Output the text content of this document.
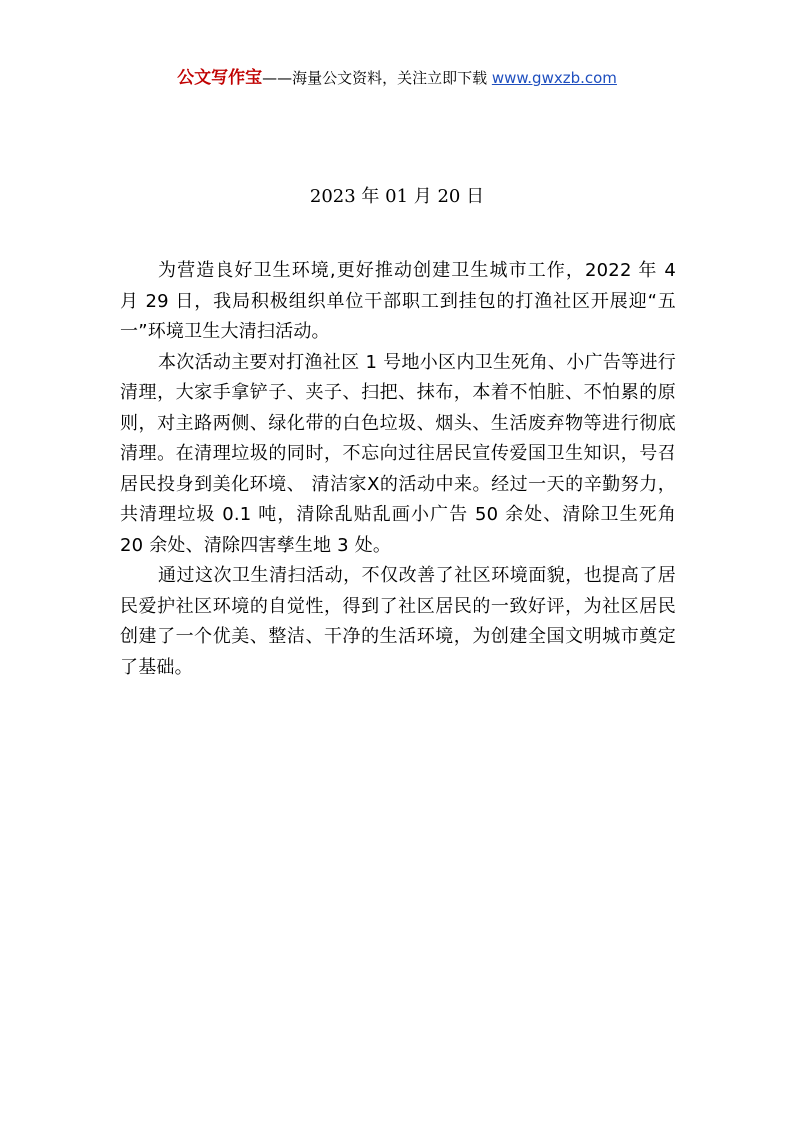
公文写作宝——海量公文资料，关注立即下载 www.gwxzb.com
2023 年 01 月 20 日

为营造良好卫生环境,更好推动创建卫生城市工作，2022 年 4 月 29 日，我局积极组织单位干部职工到挂包的打渔社区开展迎“五一”环境卫生大清扫活动。

本次活动主要对打渔社区 1 号地小区内卫生死角、小广告等进行清理，大家手拿铲子、夹子、扫把、抹布，本着不怕脏、不怕累的原则，对主路两侧、绿化带的白色垃圾、烟头、生活废弃物等进行彻底清理。在清理垃圾的同时，不忘向过往居民宣传爱国卫生知识，号召居民投身到美化环境、 清洁家X的活动中来。经过一天的辛勤努力，共清理垃圾 0.1 吨，清除乱贴乱画小广告 50 余处、清除卫生死角 20 余处、清除四害孳生地 3 处。

通过这次卫生清扫活动，不仅改善了社区环境面貌，也提高了居民爱护社区环境的自觉性，得到了社区居民的一致好评，为社区居民创建了一个优美、整洁、干净的生活环境，为创建全国文明城市奠定了基础。
